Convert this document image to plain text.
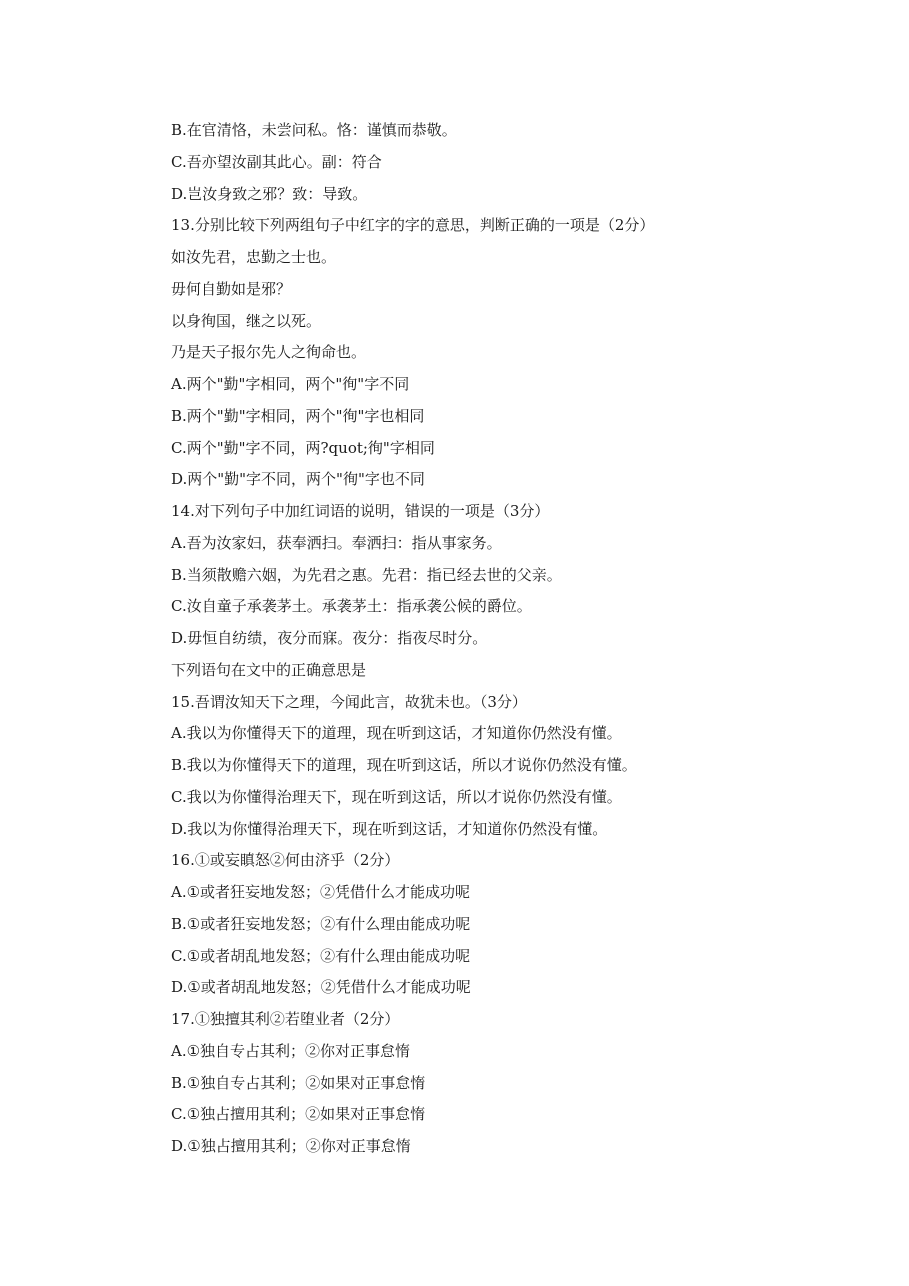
B.在官清恪，未尝问私。恪：谨慎而恭敬。

C.吾亦望汝副其此心。副：符合

D.岂汝身致之邪？致：导致。

13.分别比较下列两组句子中红字的字的意思，判断正确的一项是（2分）

如汝先君，忠勤之士也。

毋何自勤如是邪？

以身徇国，继之以死。

乃是天子报尔先人之徇命也。

A.两个"勤"字相同，两个"徇"字不同

B.两个"勤"字相同，两个"徇"字也相同

C.两个"勤"字不同，两?quot;徇"字相同

D.两个"勤"字不同，两个"徇"字也不同

14.对下列句子中加红词语的说明，错误的一项是（3分）

A.吾为汝家妇，获奉洒扫。奉洒扫：指从事家务。

B.当须散赡六姻，为先君之惠。先君：指已经去世的父亲。

C.汝自童子承袭茅土。承袭茅土：指承袭公候的爵位。

D.毋恒自纺绩，夜分而寐。夜分：指夜尽时分。

下列语句在文中的正确意思是

15.吾谓汝知天下之理，今闻此言，故犹未也。（3分）

A.我以为你懂得天下的道理，现在听到这话，才知道你仍然没有懂。

B.我以为你懂得天下的道理，现在听到这话，所以才说你仍然没有懂。

C.我以为你懂得治理天下，现在听到这话，所以才说你仍然没有懂。

D.我以为你懂得治理天下，现在听到这话，才知道你仍然没有懂。

16.①或妄瞋怒②何由济乎（2分）

A.①或者狂妄地发怒；②凭借什么才能成功呢

B.①或者狂妄地发怒；②有什么理由能成功呢

C.①或者胡乱地发怒；②有什么理由能成功呢

D.①或者胡乱地发怒；②凭借什么才能成功呢

17.①独擅其利②若堕业者（2分）

A.①独自专占其利；②你对正事怠惰

B.①独自专占其利；②如果对正事怠惰

C.①独占擅用其利；②如果对正事怠惰

D.①独占擅用其利；②你对正事怠惰
